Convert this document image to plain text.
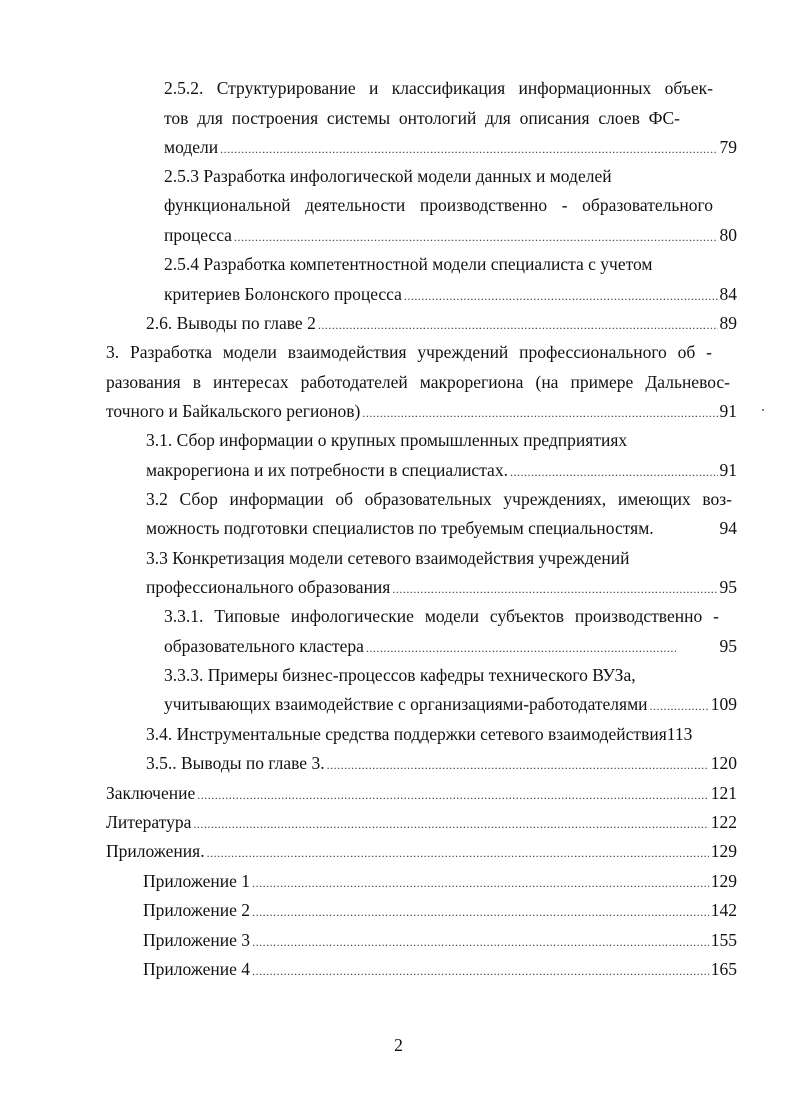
2.5.2. Структурирование и классификация информационных объек-
тов для построения системы онтологий для описания слоев ФС-
модели .....	79
2.5.3 Разработка инфологической модели данных и моделей
функциональной деятельности производственно - образовательного
процесса .....	80
2.5.4 Разработка компетентностной модели специалиста с учетом
критериев Болонского процесса .....	84
2.6. Выводы по главе 2 .....	89
3. Разработка модели взаимодействия учреждений профессионального об -
разования в интересах работодателей макрорегиона (на примере Дальневос-
точного и Байкальского регионов) .....	91
3.1. Сбор информации о крупных промышленных предприятиях
макрорегиона и их потребности в специалистах. .....	91
3.2 Сбор информации об образовательных учреждениях, имеющих воз-
можность подготовки специалистов по требуемым специальностям.	94
3.3 Конкретизация модели сетевого взаимодействия учреждений
профессионального образования .....	95
3.3.1. Типовые инфологические модели субъектов производственно -
образовательного кластера .....	95
3.3.3. Примеры бизнес-процессов кафедры технического ВУЗа,
учитывающих взаимодействие с организациями-работодателями .....	109
3.4. Инструментальные средства поддержки сетевого взаимодействия 113
3.5.. Выводы по главе 3. .....	120
Заключение .....	121
Литература .....	122
Приложения. .....	129
Приложение 1 .....	129
Приложение 2 .....	142
Приложение 3 .....	155
Приложение 4 .....	165
2
